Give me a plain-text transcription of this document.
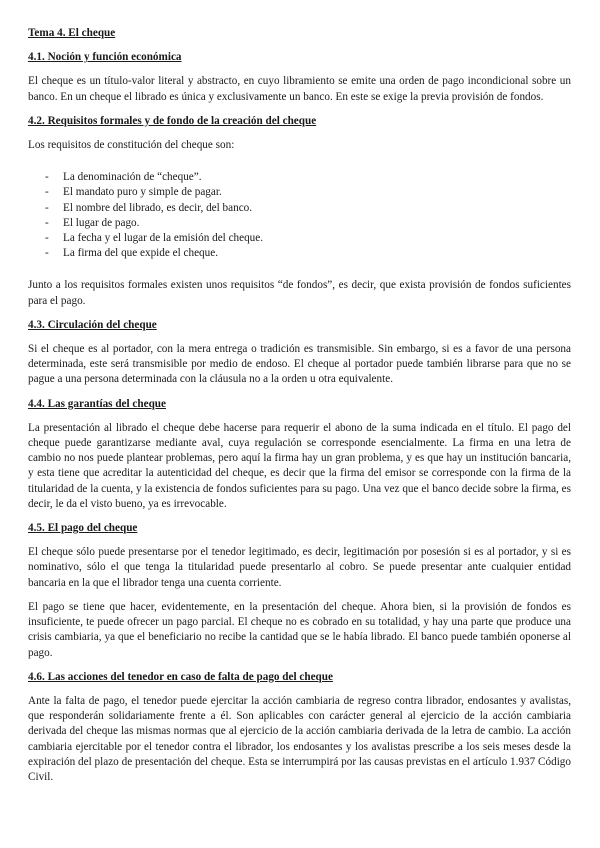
Tema 4. El cheque

4.1. Noción y función económica

El cheque es un título-valor literal y abstracto, en cuyo libramiento se emite una orden de pago incondicional sobre un banco. En un cheque el librado es única y exclusivamente un banco. En este se exige la previa provisión de fondos.

4.2. Requisitos formales y de fondo de la creación del cheque

Los requisitos de constitución del cheque son:

- La denominación de “cheque”.
- El mandato puro y simple de pagar.
- El nombre del librado, es decir, del banco.
- El lugar de pago.
- La fecha y el lugar de la emisión del cheque.
- La firma del que expide el cheque.

Junto a los requisitos formales existen unos requisitos “de fondos”, es decir, que exista provisión de fondos suficientes para el pago.

4.3. Circulación del cheque

Si el cheque es al portador, con la mera entrega o tradición es transmisible. Sin embargo, si es a favor de una persona determinada, este será transmisible por medio de endoso. El cheque al portador puede también librarse para que no se pague a una persona determinada con la cláusula no a la orden u otra equivalente.

4.4. Las garantías del cheque

La presentación al librado el cheque debe hacerse para requerir el abono de la suma indicada en el título. El pago del cheque puede garantizarse mediante aval, cuya regulación se corresponde esencialmente. La firma en una letra de cambio no nos puede plantear problemas, pero aquí la firma hay un gran problema, y es que hay un institución bancaria, y esta tiene que acreditar la autenticidad del cheque, es decir que la firma del emisor se corresponde con la firma de la titularidad de la cuenta, y la existencia de fondos suficientes para su pago. Una vez que el banco decide sobre la firma, es decir, le da el visto bueno, ya es irrevocable.

4.5. El pago del cheque

El cheque sólo puede presentarse por el tenedor legitimado, es decir, legitimación por posesión si es al portador, y si es nominativo, sólo el que tenga la titularidad puede presentarlo al cobro. Se puede presentar ante cualquier entidad bancaria en la que el librador tenga una cuenta corriente.

El pago se tiene que hacer, evidentemente, en la presentación del cheque. Ahora bien, si la provisión de fondos es insuficiente, te puede ofrecer un pago parcial. El cheque no es cobrado en su totalidad, y hay una parte que produce una crisis cambiaria, ya que el beneficiario no recibe la cantidad que se le había librado. El banco puede también oponerse al pago.

4.6. Las acciones del tenedor en caso de falta de pago del cheque

Ante la falta de pago, el tenedor puede ejercitar la acción cambiaria de regreso contra librador, endosantes y avalistas, que responderán solidariamente frente a él. Son aplicables con carácter general al ejercicio de la acción cambiaria derivada del cheque las mismas normas que al ejercicio de la acción cambiaria derivada de la letra de cambio. La acción cambiaria ejercitable por el tenedor contra el librador, los endosantes y los avalistas prescribe a los seis meses desde la expiración del plazo de presentación del cheque. Esta se interrumpirá por las causas previstas en el artículo 1.937 Código Civil.
